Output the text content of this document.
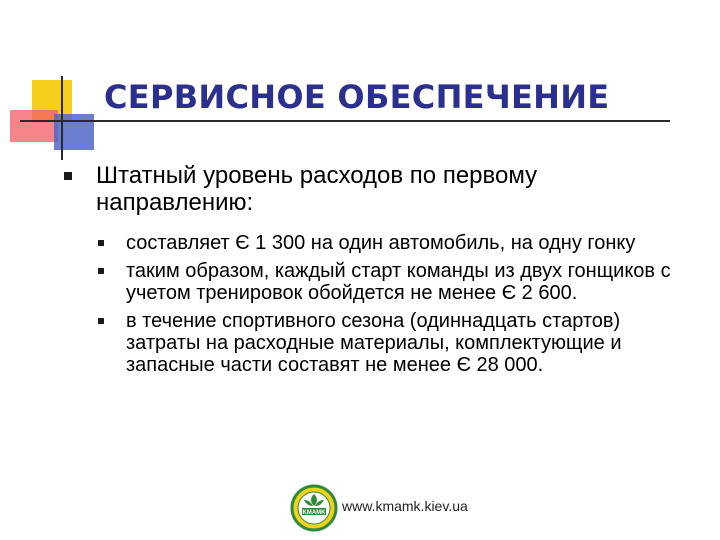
СЕРВИСНОЕ ОБЕСПЕЧЕНИЕ
Штатный уровень расходов по первому направлению:
составляет Є 1 300 на один автомобиль, на одну гонку
таким образом, каждый старт команды из двух гонщиков с учетом тренировок обойдется не менее Є 2 600.
в течение спортивного сезона (одиннадцать стартов) затраты на расходные материалы, комплектующие и запасные части составят не менее Є 28 000.
KMAMK www.kmamk.kiev.ua
